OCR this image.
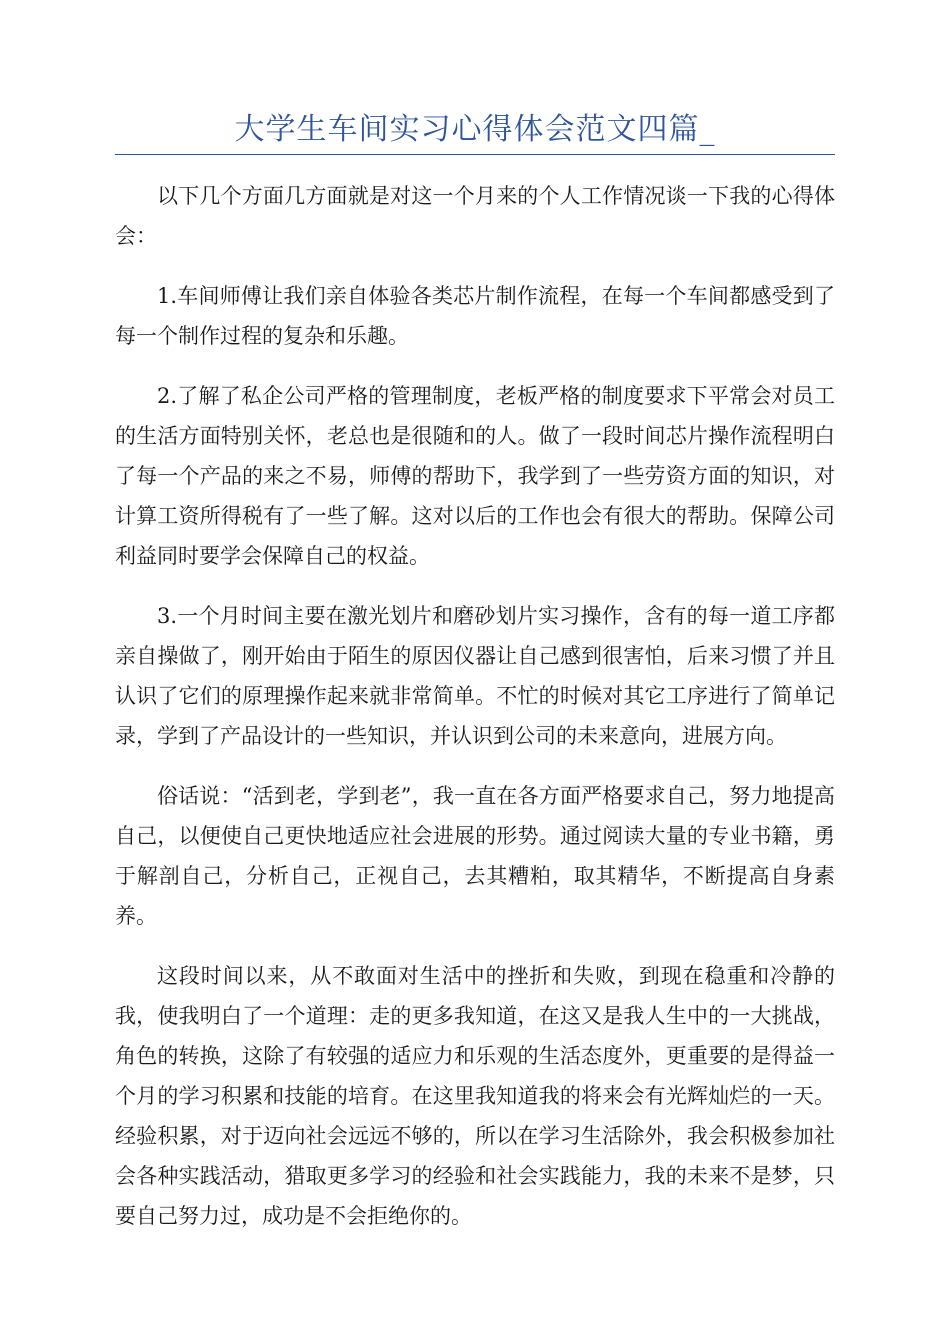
大学生车间实习心得体会范文四篇_

以下几个方面几方面就是对这一个月来的个人工作情况谈一下我的心得体会：

1.车间师傅让我们亲自体验各类芯片制作流程，在每一个车间都感受到了每一个制作过程的复杂和乐趣。

2.了解了私企公司严格的管理制度，老板严格的制度要求下平常会对员工的生活方面特别关怀，老总也是很随和的人。做了一段时间芯片操作流程明白了每一个产品的来之不易，师傅的帮助下，我学到了一些劳资方面的知识，对计算工资所得税有了一些了解。这对以后的工作也会有很大的帮助。保障公司利益同时要学会保障自己的权益。

3.一个月时间主要在激光划片和磨砂划片实习操作，含有的每一道工序都亲自操做了，刚开始由于陌生的原因仪器让自己感到很害怕，后来习惯了并且认识了它们的原理操作起来就非常简单。不忙的时候对其它工序进行了简单记录，学到了产品设计的一些知识，并认识到公司的未来意向，进展方向。

俗话说：“活到老，学到老”，我一直在各方面严格要求自己，努力地提高自己，以便使自己更快地适应社会进展的形势。通过阅读大量的专业书籍，勇于解剖自己，分析自己，正视自己，去其糟粕，取其精华，不断提高自身素养。

这段时间以来，从不敢面对生活中的挫折和失败，到现在稳重和冷静的我，使我明白了一个道理：走的更多我知道，在这又是我人生中的一大挑战，角色的转换，这除了有较强的适应力和乐观的生活态度外，更重要的是得益一个月的学习积累和技能的培育。在这里我知道我的将来会有光辉灿烂的一天。经验积累，对于迈向社会远远不够的，所以在学习生活除外，我会积极参加社会各种实践活动，猎取更多学习的经验和社会实践能力，我的未来不是梦，只要自己努力过，成功是不会拒绝你的。
